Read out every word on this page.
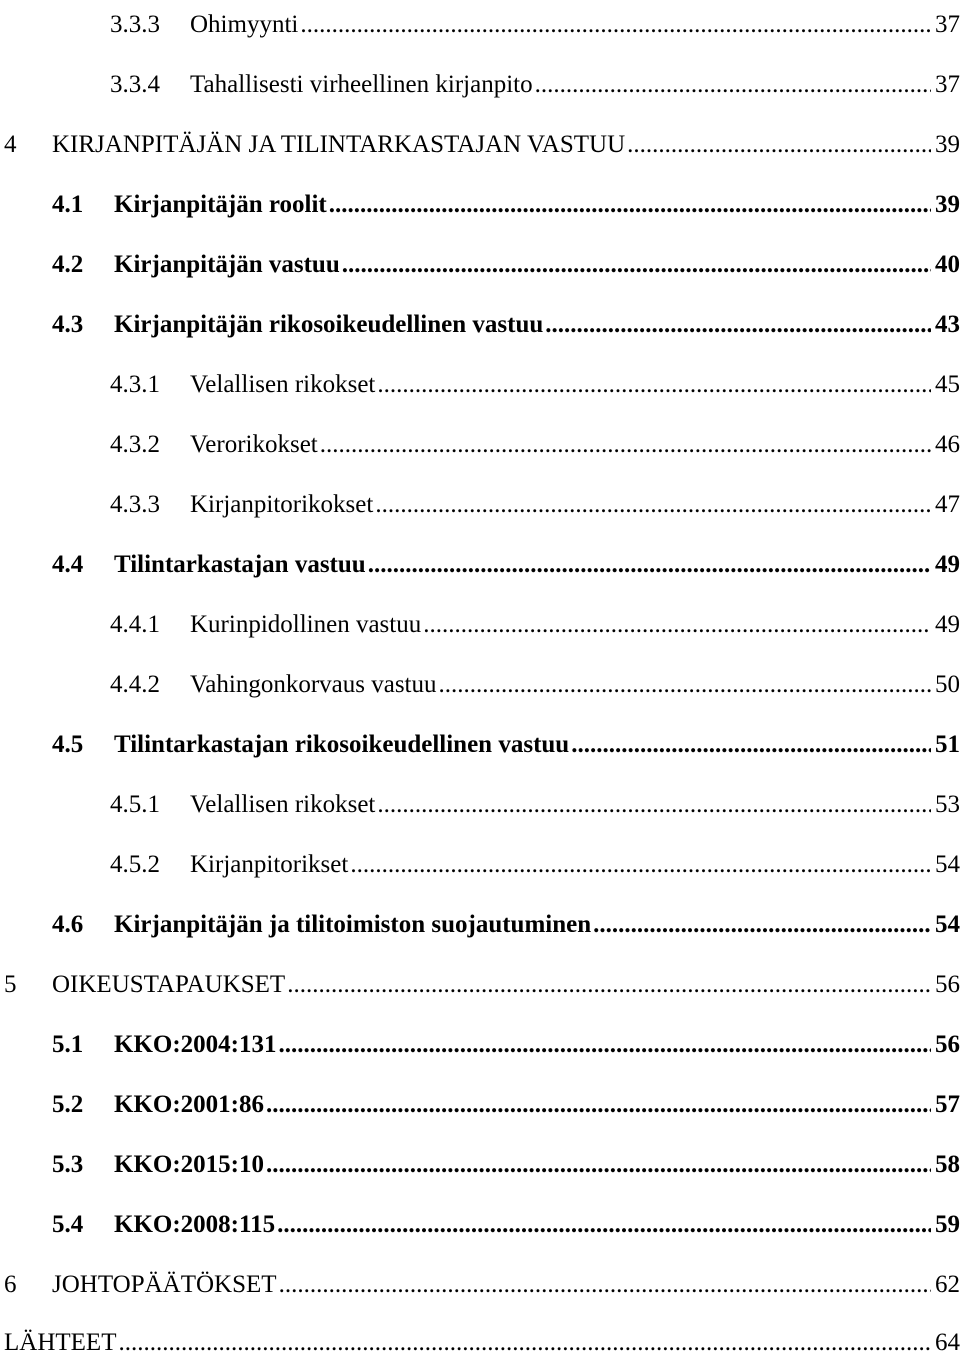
3.3.3	Ohimyynti .....	37
3.3.4	Tahallisesti virheellinen kirjanpito .....	37
4	KIRJANPITÄJÄN JA TILINTARKASTAJAN VASTUU .....	39
4.1	Kirjanpitäjän roolit .....	39
4.2	Kirjanpitäjän vastuu .....	40
4.3	Kirjanpitäjän rikosoikeudellinen vastuu .....	43
4.3.1	Velallisen rikokset .....	45
4.3.2	Verorikokset .....	46
4.3.3	Kirjanpitorikokset .....	47
4.4	Tilintarkastajan vastuu .....	49
4.4.1	Kurinpidollinen vastuu .....	49
4.4.2	Vahingonkorvaus vastuu .....	50
4.5	Tilintarkastajan rikosoikeudellinen vastuu .....	51
4.5.1	Velallisen rikokset .....	53
4.5.2	Kirjanpitorikset .....	54
4.6	Kirjanpitäjän ja tilitoimiston suojautuminen .....	54
5	OIKEUSTAPAUKSET .....	56
5.1	KKO:2004:131 .....	56
5.2	KKO:2001:86 .....	57
5.3	KKO:2015:10 .....	58
5.4	KKO:2008:115 .....	59
6	JOHTOPÄÄTÖKSET .....	62
LÄHTEET .....	64
